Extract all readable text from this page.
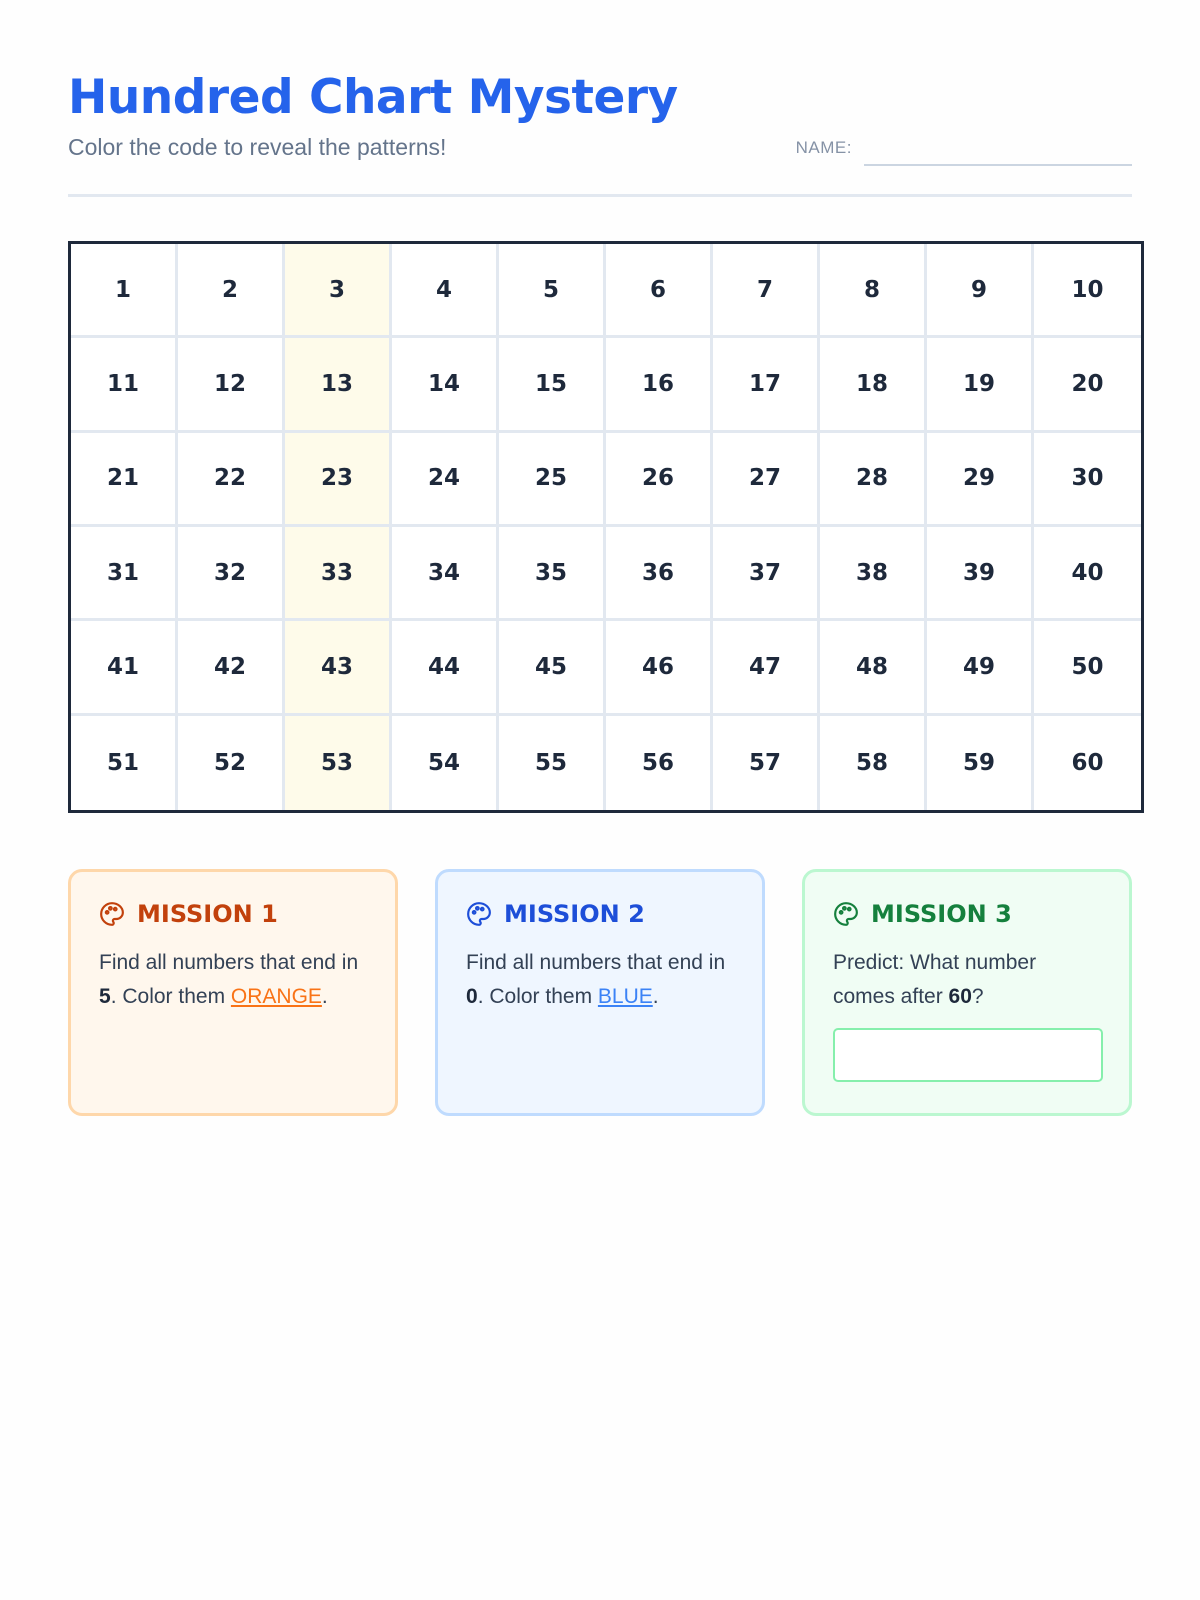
Hundred Chart Mystery
Color the code to reveal the patterns!	NAME:
1	2	3	4	5	6	7	8	9	10
11	12	13	14	15	16	17	18	19	20
21	22	23	24	25	26	27	28	29	30
31	32	33	34	35	36	37	38	39	40
41	42	43	44	45	46	47	48	49	50
51	52	53	54	55	56	57	58	59	60
MISSION 1
Find all numbers that end in 5. Color them ORANGE.
MISSION 2
Find all numbers that end in 0. Color them BLUE.
MISSION 3
Predict: What number comes after 60?
